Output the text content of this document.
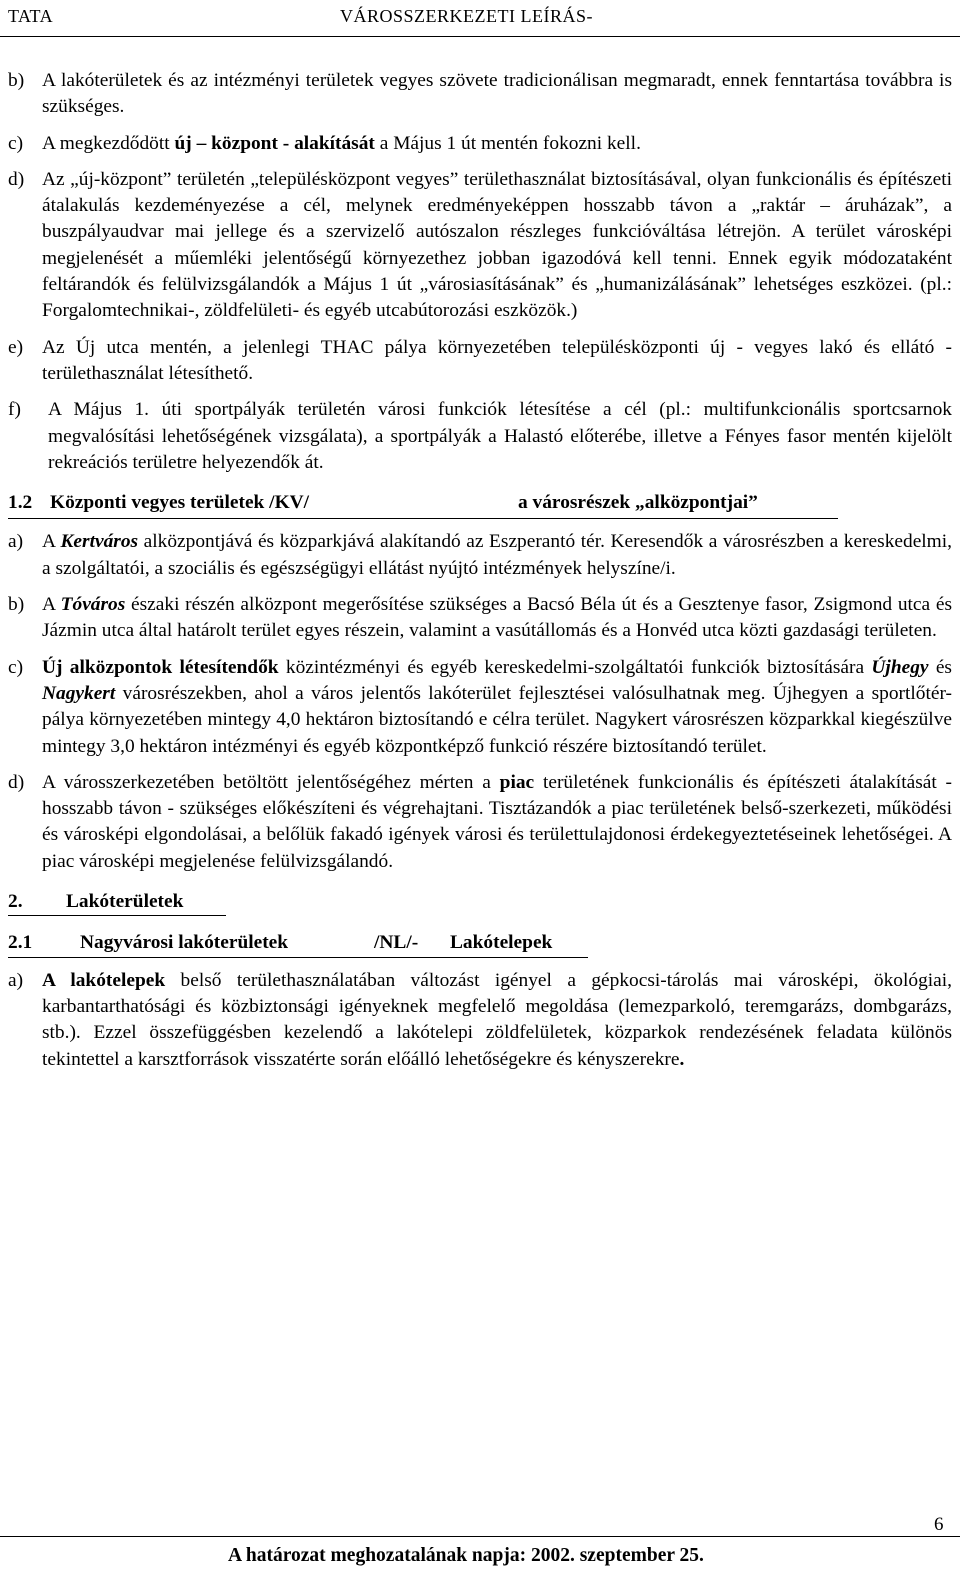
TATA	VÁROSSZERKEZETI LEÍRÁS-

b) A lakóterületek és az intézményi területek vegyes szövete tradicionálisan megmaradt, ennek fenntartása továbbra is szükséges.

c) A megkezdődött új – központ - alakítását a Május 1 út mentén fokozni kell.

d) Az „új-központ” területén „településközpont vegyes” területhasználat biztosításával, olyan funkcionális és építészeti átalakulás kezdeményezése a cél, melynek eredményeképpen hosszabb távon a „raktár – áruházak”, a buszpályaudvar mai jellege és a szervizelő autószalon részleges funkcióváltása létrejön. A terület városképi megjelenését a műemléki jelentőségű környezethez jobban igazodóvá kell tenni. Ennek egyik módozataként feltárandók és felülvizsgálandók a Május 1 út „városiasításának” és „humanizálásának” lehetséges eszközei. (pl.: Forgalomtechnikai-, zöldfelületi- és egyéb utcabútorozási eszközök.)

e) Az Új utca mentén, a jelenlegi THAC pálya környezetében településközponti új - vegyes lakó és ellátó - területhasználat létesíthető.

f) A Május 1. úti sportpályák területén városi funkciók létesítése a cél (pl.: multifunkcionális sportcsarnok megvalósítási lehetőségének vizsgálata), a sportpályák a Halastó előterébe, illetve a Fényes fasor mentén kijelölt rekreációs területre helyezendők át.

1.2 Központi vegyes területek /KV/	a városrészek „alközpontjai”

a) A Kertváros alközpontjává és közparkjává alakítandó az Eszperantó tér. Keresendők a városrészben a kereskedelmi, a szolgáltatói, a szociális és egészségügyi ellátást nyújtó intézmények helyszíne/i.

b) A Tóváros északi részén alközpont megerősítése szükséges a Bacsó Béla út és a Gesztenye fasor, Zsigmond utca és Jázmin utca által határolt terület egyes részein, valamint a vasútállomás és a Honvéd utca közti gazdasági területen.

c) Új alközpontok létesítendők közintézményi és egyéb kereskedelmi-szolgáltatói funkciók biztosítására Újhegy és Nagykert városrészekben, ahol a város jelentős lakóterület fejlesztései valósulhatnak meg. Újhegyen a sportlőtér-pálya környezetében mintegy 4,0 hektáron biztosítandó e célra terület. Nagykert városrészen közparkkal kiegészülve mintegy 3,0 hektáron intézményi és egyéb központképző funkció részére biztosítandó terület.

d) A városszerkezetében betöltött jelentőségéhez mérten a piac területének funkcionális és építészeti átalakítását - hosszabb távon - szükséges előkészíteni és végrehajtani. Tisztázandók a piac területének belső-szerkezeti, működési és városképi elgondolásai, a belőlük fakadó igények városi és területtulajdonosi érdekegyeztetéseinek lehetőségei. A piac városképi megjelenése felülvizsgálandó.

2.	Lakóterületek
2.1	Nagyvárosi lakóterületek	/NL/-	Lakótelepek

a) A lakótelepek belső területhasználatában változást igényel a gépkocsi-tárolás mai városképi, ökológiai, karbantarthatósági és közbiztonsági igényeknek megfelelő megoldása (lemezparkoló, teremgarázs, dombgarázs, stb.). Ezzel összefüggésben kezelendő a lakótelepi zöldfelületek, közparkok rendezésének feladata különös tekintettel a karsztforrások visszatérte során előálló lehetőségekre és kényszerekre.

6
A határozat meghozatalának napja: 2002. szeptember 25.
